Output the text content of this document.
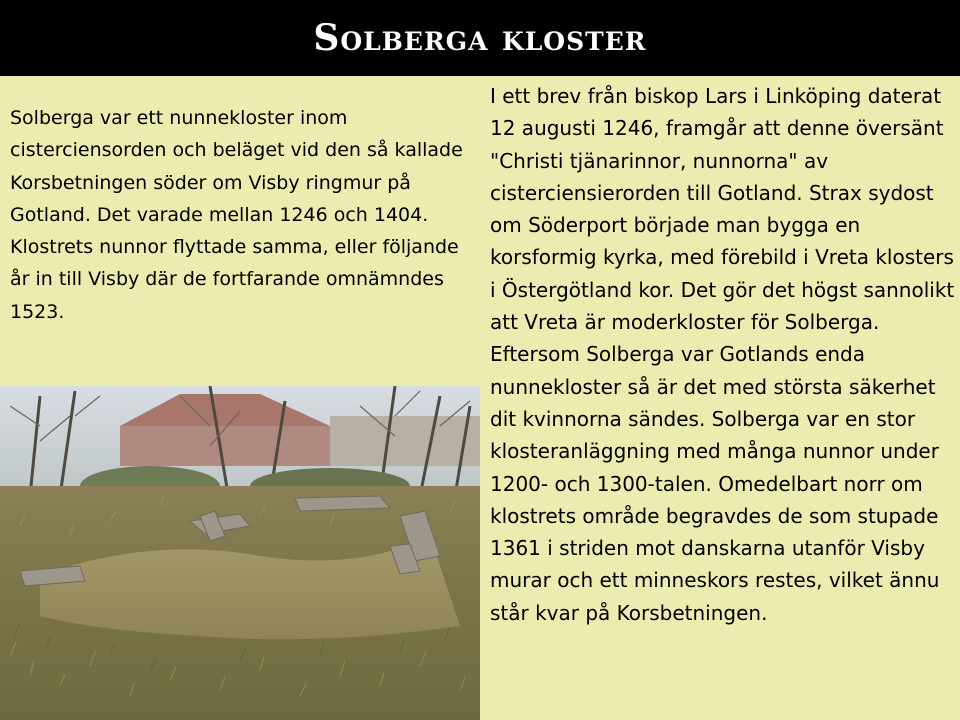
Solberga kloster

Solberga var ett nunnekloster inom cisterciensorden och beläget vid den så kallade Korsbetningen söder om Visby ringmur på Gotland. Det varade mellan 1246 och 1404. Klostrets nunnor flyttade samma, eller följande år in till Visby där de fortfarande omnämndes 1523.

I ett brev från biskop Lars i Linköping daterat 12 augusti 1246, framgår att denne översänt "Christi tjänarinnor, nunnorna" av cisterciensierorden till Gotland. Strax sydost om Söderport började man bygga en korsformig kyrka, med förebild i Vreta klosters i Östergötland kor. Det gör det högst sannolikt att Vreta är moderkloster för Solberga. Eftersom Solberga var Gotlands enda nunnekloster så är det med största säkerhet dit kvinnorna sändes. Solberga var en stor klosteranläggning med många nunnor under 1200- och 1300-talen. Omedelbart norr om klostrets område begravdes de som stupade 1361 i striden mot danskarna utanför Visby murar och ett minneskors restes, vilket ännu står kvar på Korsbetningen.
